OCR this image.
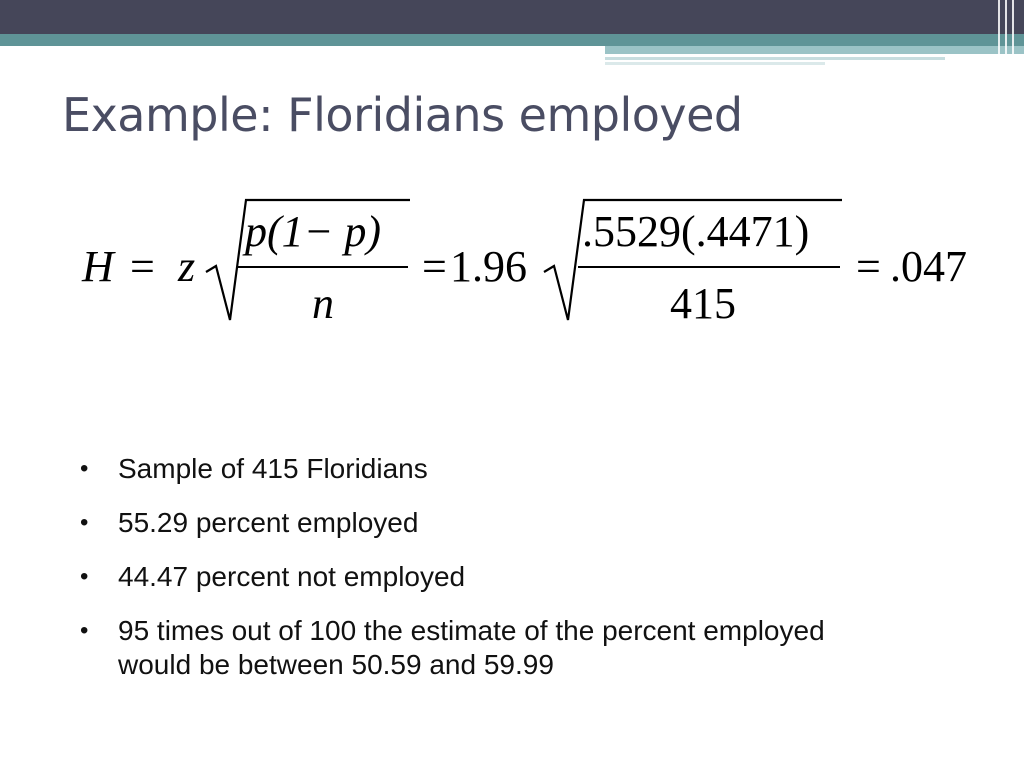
Example: Floridians employed
H = z
p(1− p)
n
= 1.96
.5529(.4471)
415
= .047
• Sample of 415 Floridians
• 55.29 percent employed
• 44.47 percent not employed
• 95 times out of 100 the estimate of the percent employed would be between 50.59 and 59.99
